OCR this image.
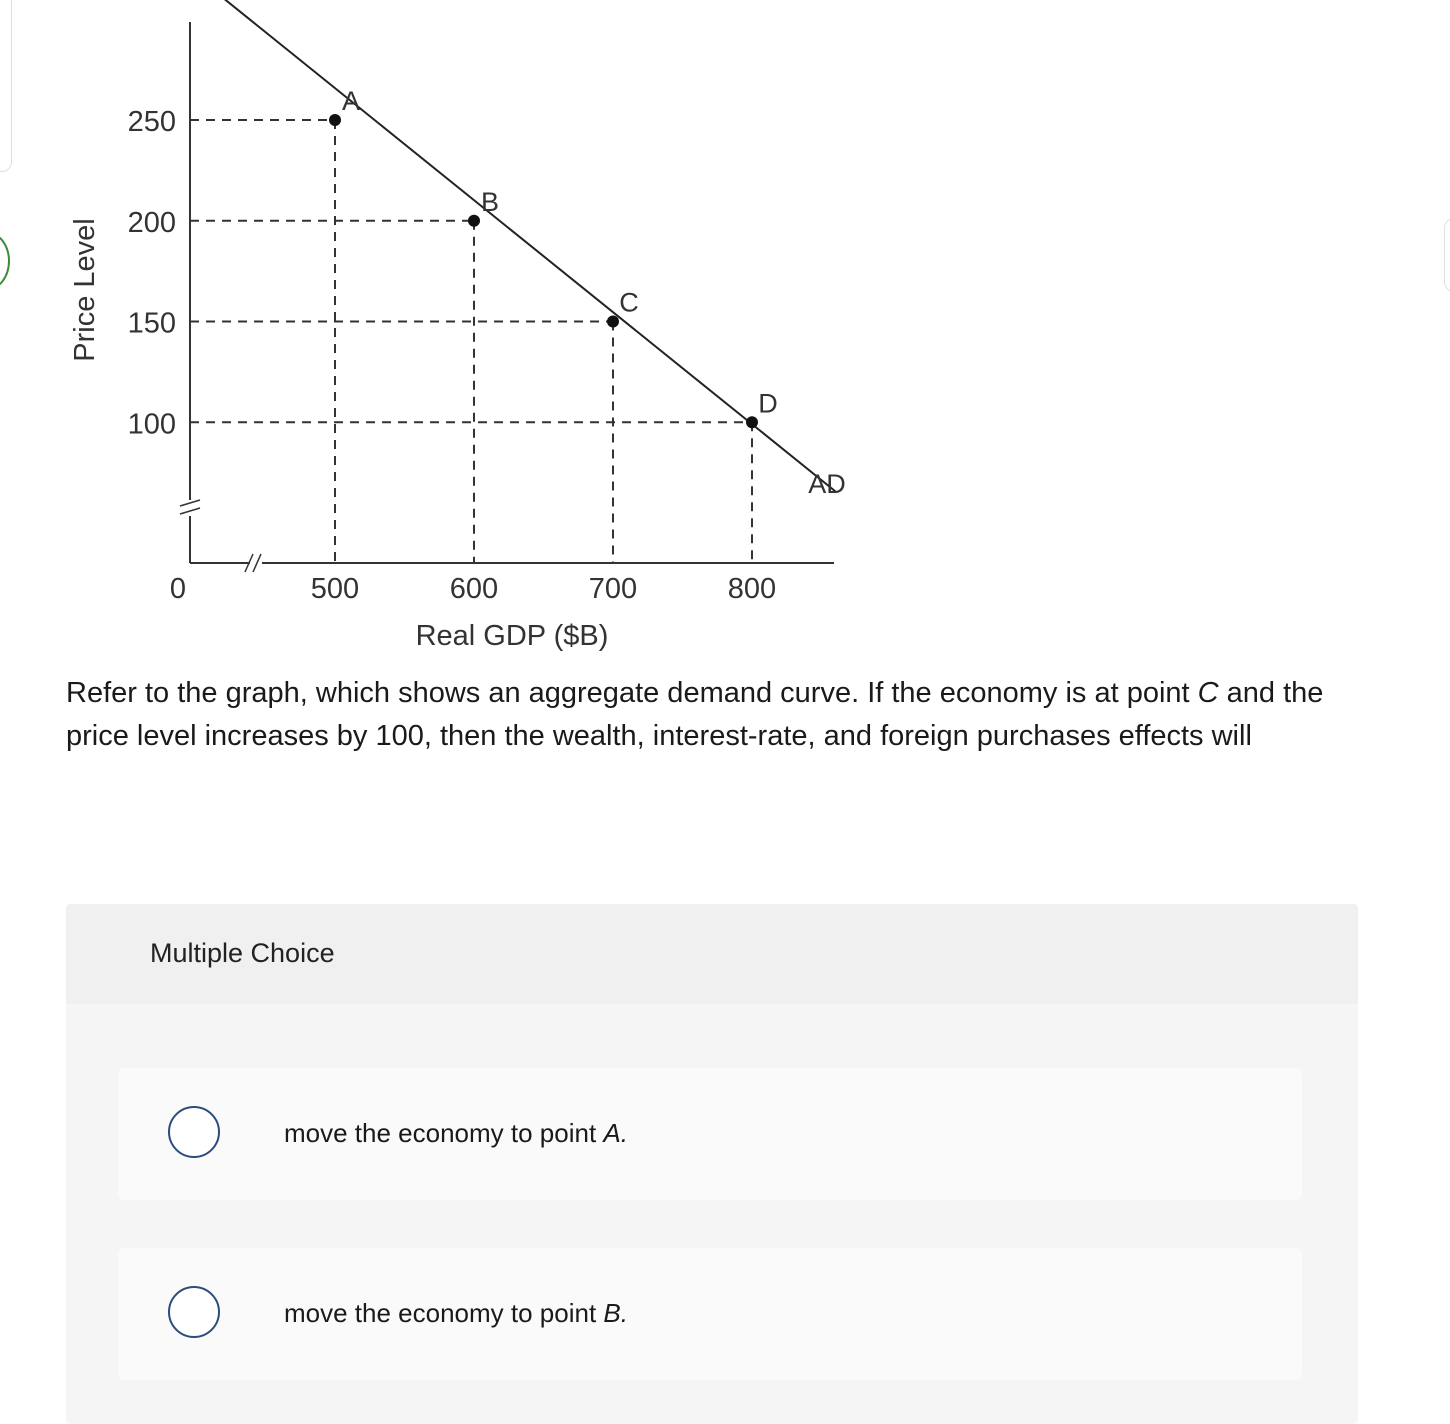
A
B
C
D
AD
100
150
200
250
500	600	700	800
0
Real GDP ($B)
Price Level

Refer to the graph, which shows an aggregate demand curve. If the economy is at point C and the price level increases by 100, then the wealth, interest-rate, and foreign purchases effects will

Multiple Choice
move the economy to point A.
move the economy to point B.
